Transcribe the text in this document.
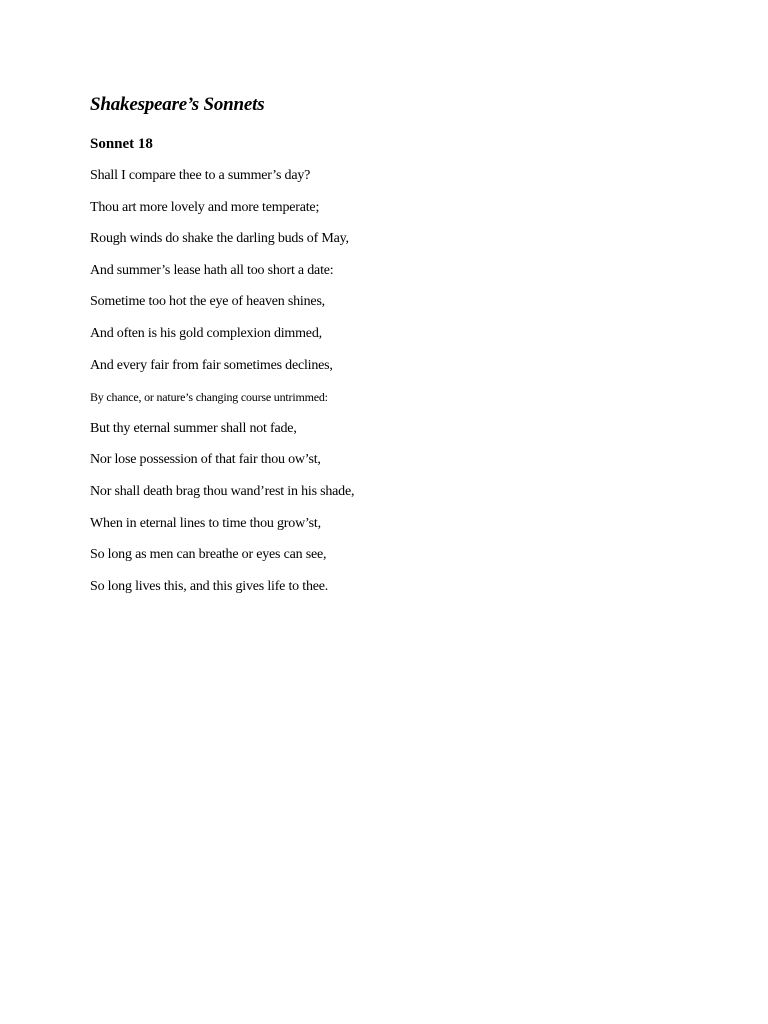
Shakespeare’s Sonnets
Sonnet 18
Shall I compare thee to a summer’s day?
Thou art more lovely and more temperate;
Rough winds do shake the darling buds of May,
And summer’s lease hath all too short a date:
Sometime too hot the eye of heaven shines,
And often is his gold complexion dimmed,
And every fair from fair sometimes declines,
By chance, or nature’s changing course untrimmed:
But thy eternal summer shall not fade,
Nor lose possession of that fair thou ow’st,
Nor shall death brag thou wand’rest in his shade,
When in eternal lines to time thou grow’st,
So long as men can breathe or eyes can see,
So long lives this, and this gives life to thee.
